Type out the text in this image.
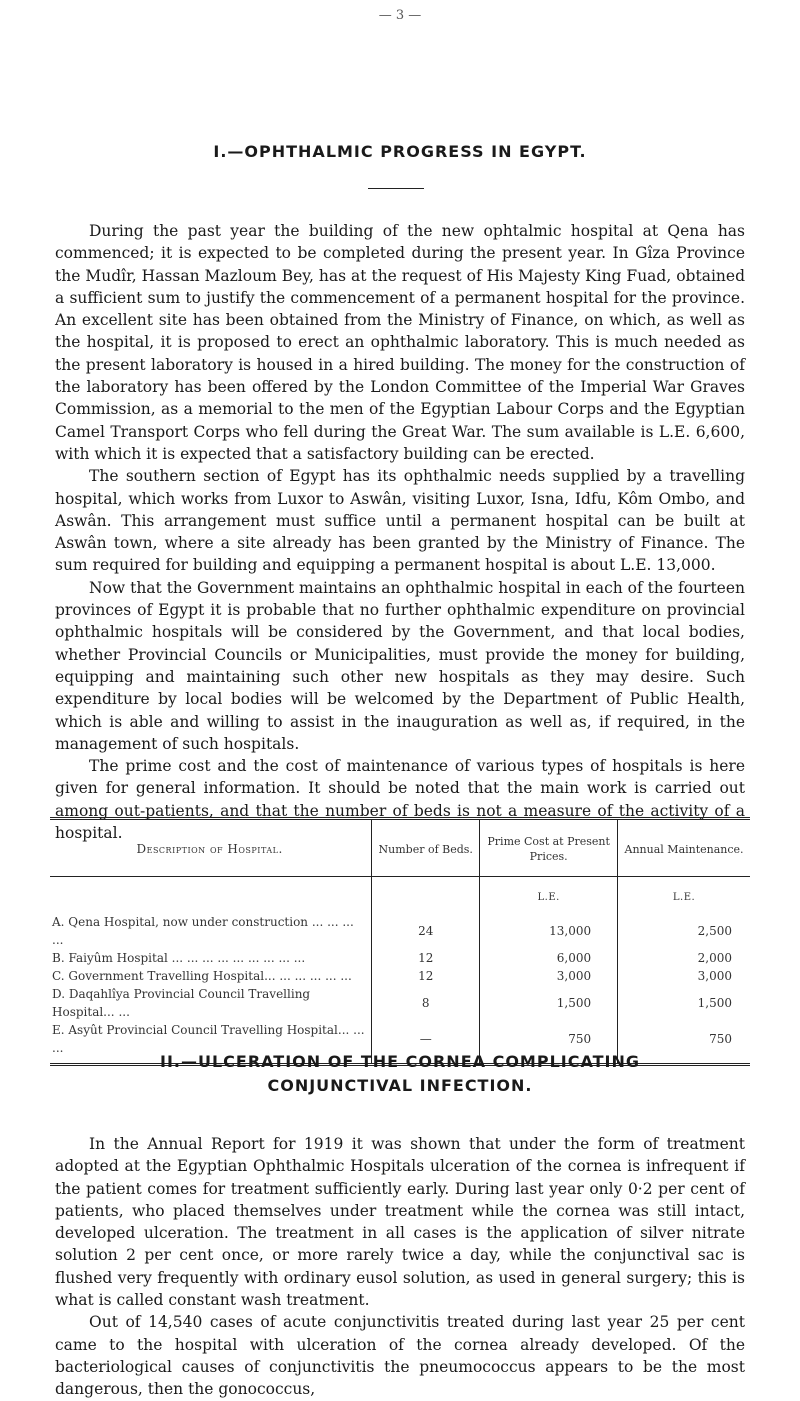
— 3 —
I.—OPHTHALMIC PROGRESS IN EGYPT.

During the past year the building of the new ophtalmic hospital at Qena has commenced; it is expected to be completed during the present year. In Gîza Province the Mudîr, Hassan Mazloum Bey, has at the request of His Majesty King Fuad, obtained a sufficient sum to justify the commencement of a permanent hospital for the province. An excellent site has been obtained from the Ministry of Finance, on which, as well as the hospital, it is proposed to erect an ophthalmic laboratory. This is much needed as the present laboratory is housed in a hired building. The money for the construction of the laboratory has been offered by the London Committee of the Imperial War Graves Commission, as a memorial to the men of the Egyptian Labour Corps and the Egyptian Camel Transport Corps who fell during the Great War. The sum available is L.E. 6,600, with which it is expected that a satisfactory building can be erected.

The southern section of Egypt has its ophthalmic needs supplied by a travelling hospital, which works from Luxor to Aswân, visiting Luxor, Isna, Idfu, Kôm Ombo, and Aswân. This arrangement must suffice until a permanent hospital can be built at Aswân town, where a site already has been granted by the Ministry of Finance. The sum required for building and equipping a permanent hospital is about L.E. 13,000.

Now that the Government maintains an ophthalmic hospital in each of the fourteen provinces of Egypt it is probable that no further ophthalmic expenditure on provincial ophthalmic hospitals will be considered by the Government, and that local bodies, whether Provincial Councils or Municipalities, must provide the money for building, equipping and maintaining such other new hospitals as they may desire. Such expenditure by local bodies will be welcomed by the Department of Public Health, which is able and willing to assist in the inauguration as well as, if required, in the management of such hospitals.

The prime cost and the cost of maintenance of various types of hospitals is here given for general information. It should be noted that the main work is carried out among out-patients, and that the number of beds is not a measure of the activity of a hospital.

Description of Hospital.	Number of Beds.	Prime Cost at Present Prices.	Annual Maintenance.
		L.E.	L.E.
A. Qena Hospital, now under construction ... ... ... ...	24	13,000	2,500
B. Faiyûm Hospital ... ... ... ... ... ... ... ... ...	12	6,000	2,000
C. Government Travelling Hospital... ... ... ... ... ...	12	3,000	3,000
D. Daqahlîya Provincial Council Travelling Hospital... ...	8	1,500	1,500
E. Asyût Provincial Council Travelling Hospital... ... ...	—	750	750
II.—ULCERATION OF THE CORNEA COMPLICATING
CONJUNCTIVAL INFECTION.

In the Annual Report for 1919 it was shown that under the form of treatment adopted at the Egyptian Ophthalmic Hospitals ulceration of the cornea is infrequent if the patient comes for treatment sufficiently early. During last year only 0·2 per cent of patients, who placed themselves under treatment while the cornea was still intact, developed ulceration. The treatment in all cases is the application of silver nitrate solution 2 per cent once, or more rarely twice a day, while the conjunctival sac is flushed very frequently with ordinary eusol solution, as used in general surgery; this is what is called constant wash treatment.

Out of 14,540 cases of acute conjunctivitis treated during last year 25 per cent came to the hospital with ulceration of the cornea already developed. Of the bacteriological causes of conjunctivitis the pneumococcus appears to be the most dangerous, then the gonococcus,
